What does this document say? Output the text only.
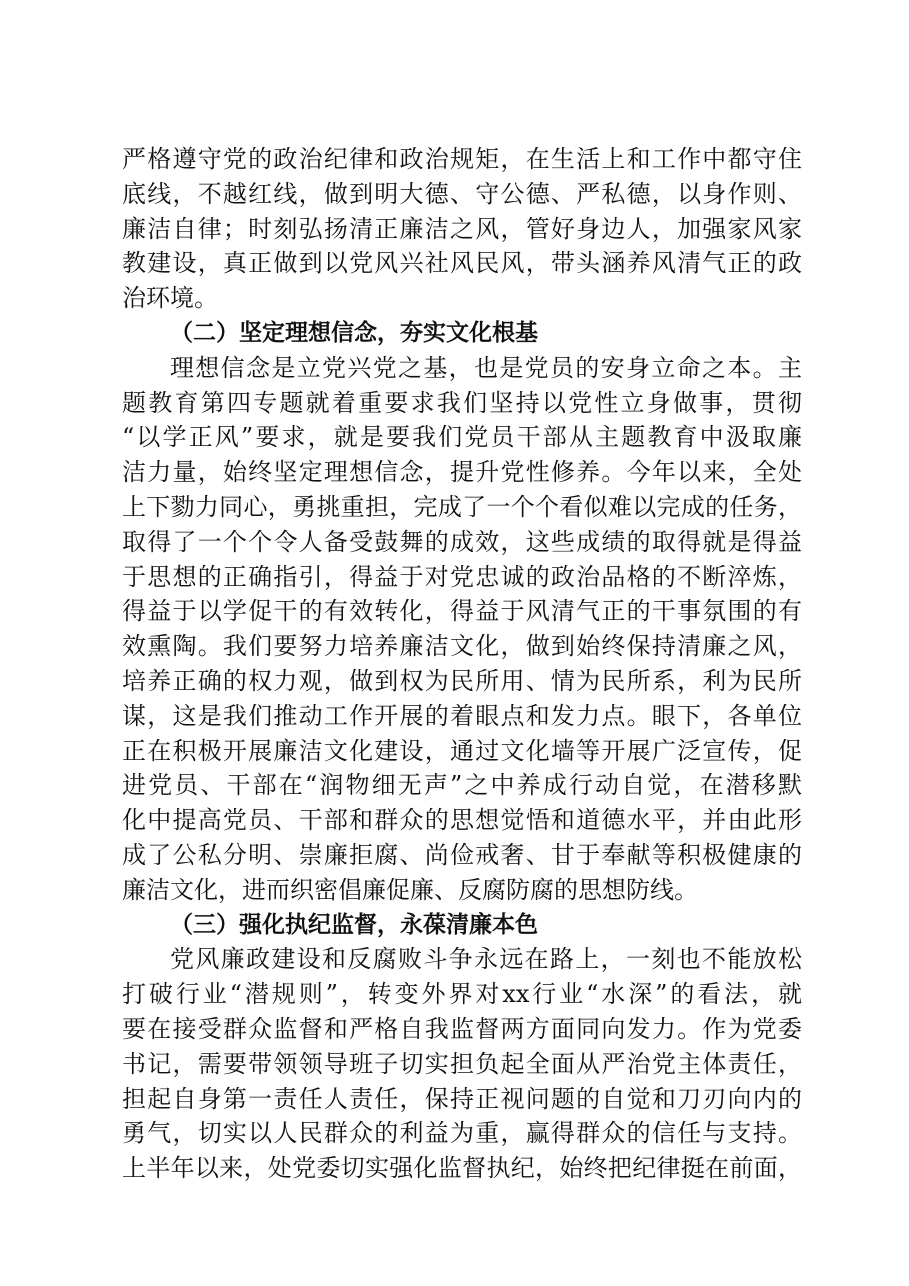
严格遵守党的政治纪律和政治规矩，在生活上和工作中都守住
底线，不越红线，做到明大德、守公德、严私德，以身作则、
廉洁自律；时刻弘扬清正廉洁之风，管好身边人，加强家风家
教建设，真正做到以党风兴社风民风，带头涵养风清气正的政
治环境。
（二）坚定理想信念，夯实文化根基
理想信念是立党兴党之基，也是党员的安身立命之本。主
题教育第四专题就着重要求我们坚持以党性立身做事，贯彻
“以学正风”要求，就是要我们党员干部从主题教育中汲取廉
洁力量，始终坚定理想信念，提升党性修养。今年以来，全处
上下勠力同心，勇挑重担，完成了一个个看似难以完成的任务，
取得了一个个令人备受鼓舞的成效，这些成绩的取得就是得益
于思想的正确指引，得益于对党忠诚的政治品格的不断淬炼，
得益于以学促干的有效转化，得益于风清气正的干事氛围的有
效熏陶。我们要努力培养廉洁文化，做到始终保持清廉之风，
培养正确的权力观，做到权为民所用、情为民所系，利为民所
谋，这是我们推动工作开展的着眼点和发力点。眼下，各单位
正在积极开展廉洁文化建设，通过文化墙等开展广泛宣传，促
进党员、干部在“润物细无声”之中养成行动自觉，在潜移默
化中提高党员、干部和群众的思想觉悟和道德水平，并由此形
成了公私分明、崇廉拒腐、尚俭戒奢、甘于奉献等积极健康的
廉洁文化，进而织密倡廉促廉、反腐防腐的思想防线。
（三）强化执纪监督，永葆清廉本色
党风廉政建设和反腐败斗争永远在路上，一刻也不能放松
打破行业“潜规则”，转变外界对xx行业“水深”的看法，就
要在接受群众监督和严格自我监督两方面同向发力。作为党委
书记，需要带领领导班子切实担负起全面从严治党主体责任，
担起自身第一责任人责任，保持正视问题的自觉和刀刃向内的
勇气，切实以人民群众的利益为重，赢得群众的信任与支持。
上半年以来，处党委切实强化监督执纪，始终把纪律挺在前面，
